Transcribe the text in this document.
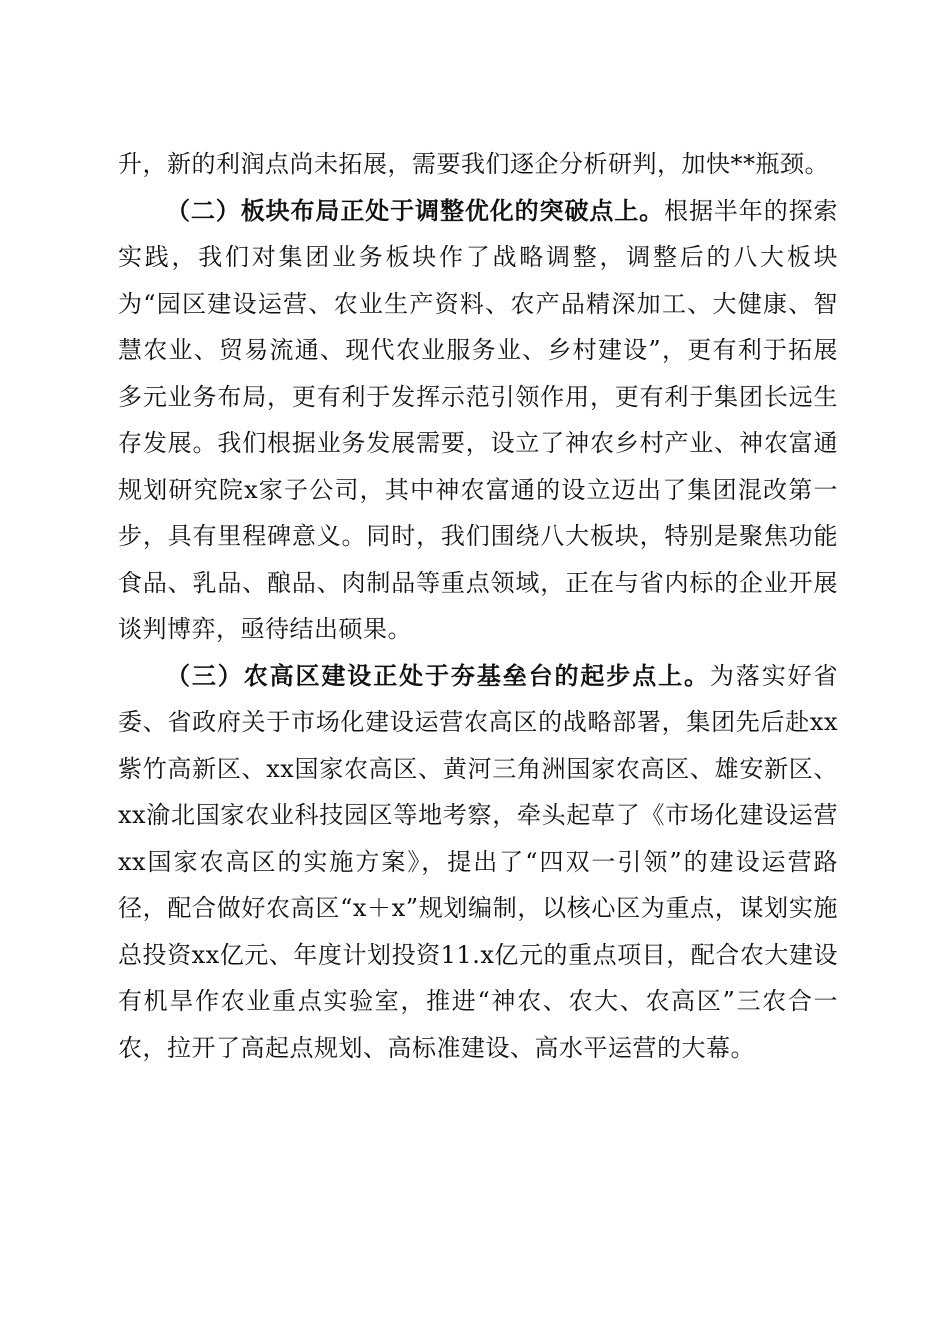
升，新的利润点尚未拓展，需要我们逐企分析研判，加快**瓶颈。

（二）板块布局正处于调整优化的突破点上。根据半年的探索实践，我们对集团业务板块作了战略调整，调整后的八大板块为“园区建设运营、农业生产资料、农产品精深加工、大健康、智慧农业、贸易流通、现代农业服务业、乡村建设”，更有利于拓展多元业务布局，更有利于发挥示范引领作用，更有利于集团长远生存发展。我们根据业务发展需要，设立了神农乡村产业、神农富通规划研究院x家子公司，其中神农富通的设立迈出了集团混改第一步，具有里程碑意义。同时，我们围绕八大板块，特别是聚焦功能食品、乳品、酿品、肉制品等重点领域，正在与省内标的企业开展谈判博弈，亟待结出硕果。

（三）农高区建设正处于夯基垒台的起步点上。为落实好省委、省政府关于市场化建设运营农高区的战略部署，集团先后赴xx紫竹高新区、xx国家农高区、黄河三角洲国家农高区、雄安新区、xx渝北国家农业科技园区等地考察，牵头起草了《市场化建设运营xx国家农高区的实施方案》，提出了“四双一引领”的建设运营路径，配合做好农高区“x＋x”规划编制，以核心区为重点，谋划实施总投资xx亿元、年度计划投资11.x亿元的重点项目，配合农大建设有机旱作农业重点实验室，推进“神农、农大、农高区”三农合一农，拉开了高起点规划、高标准建设、高水平运营的大幕。
